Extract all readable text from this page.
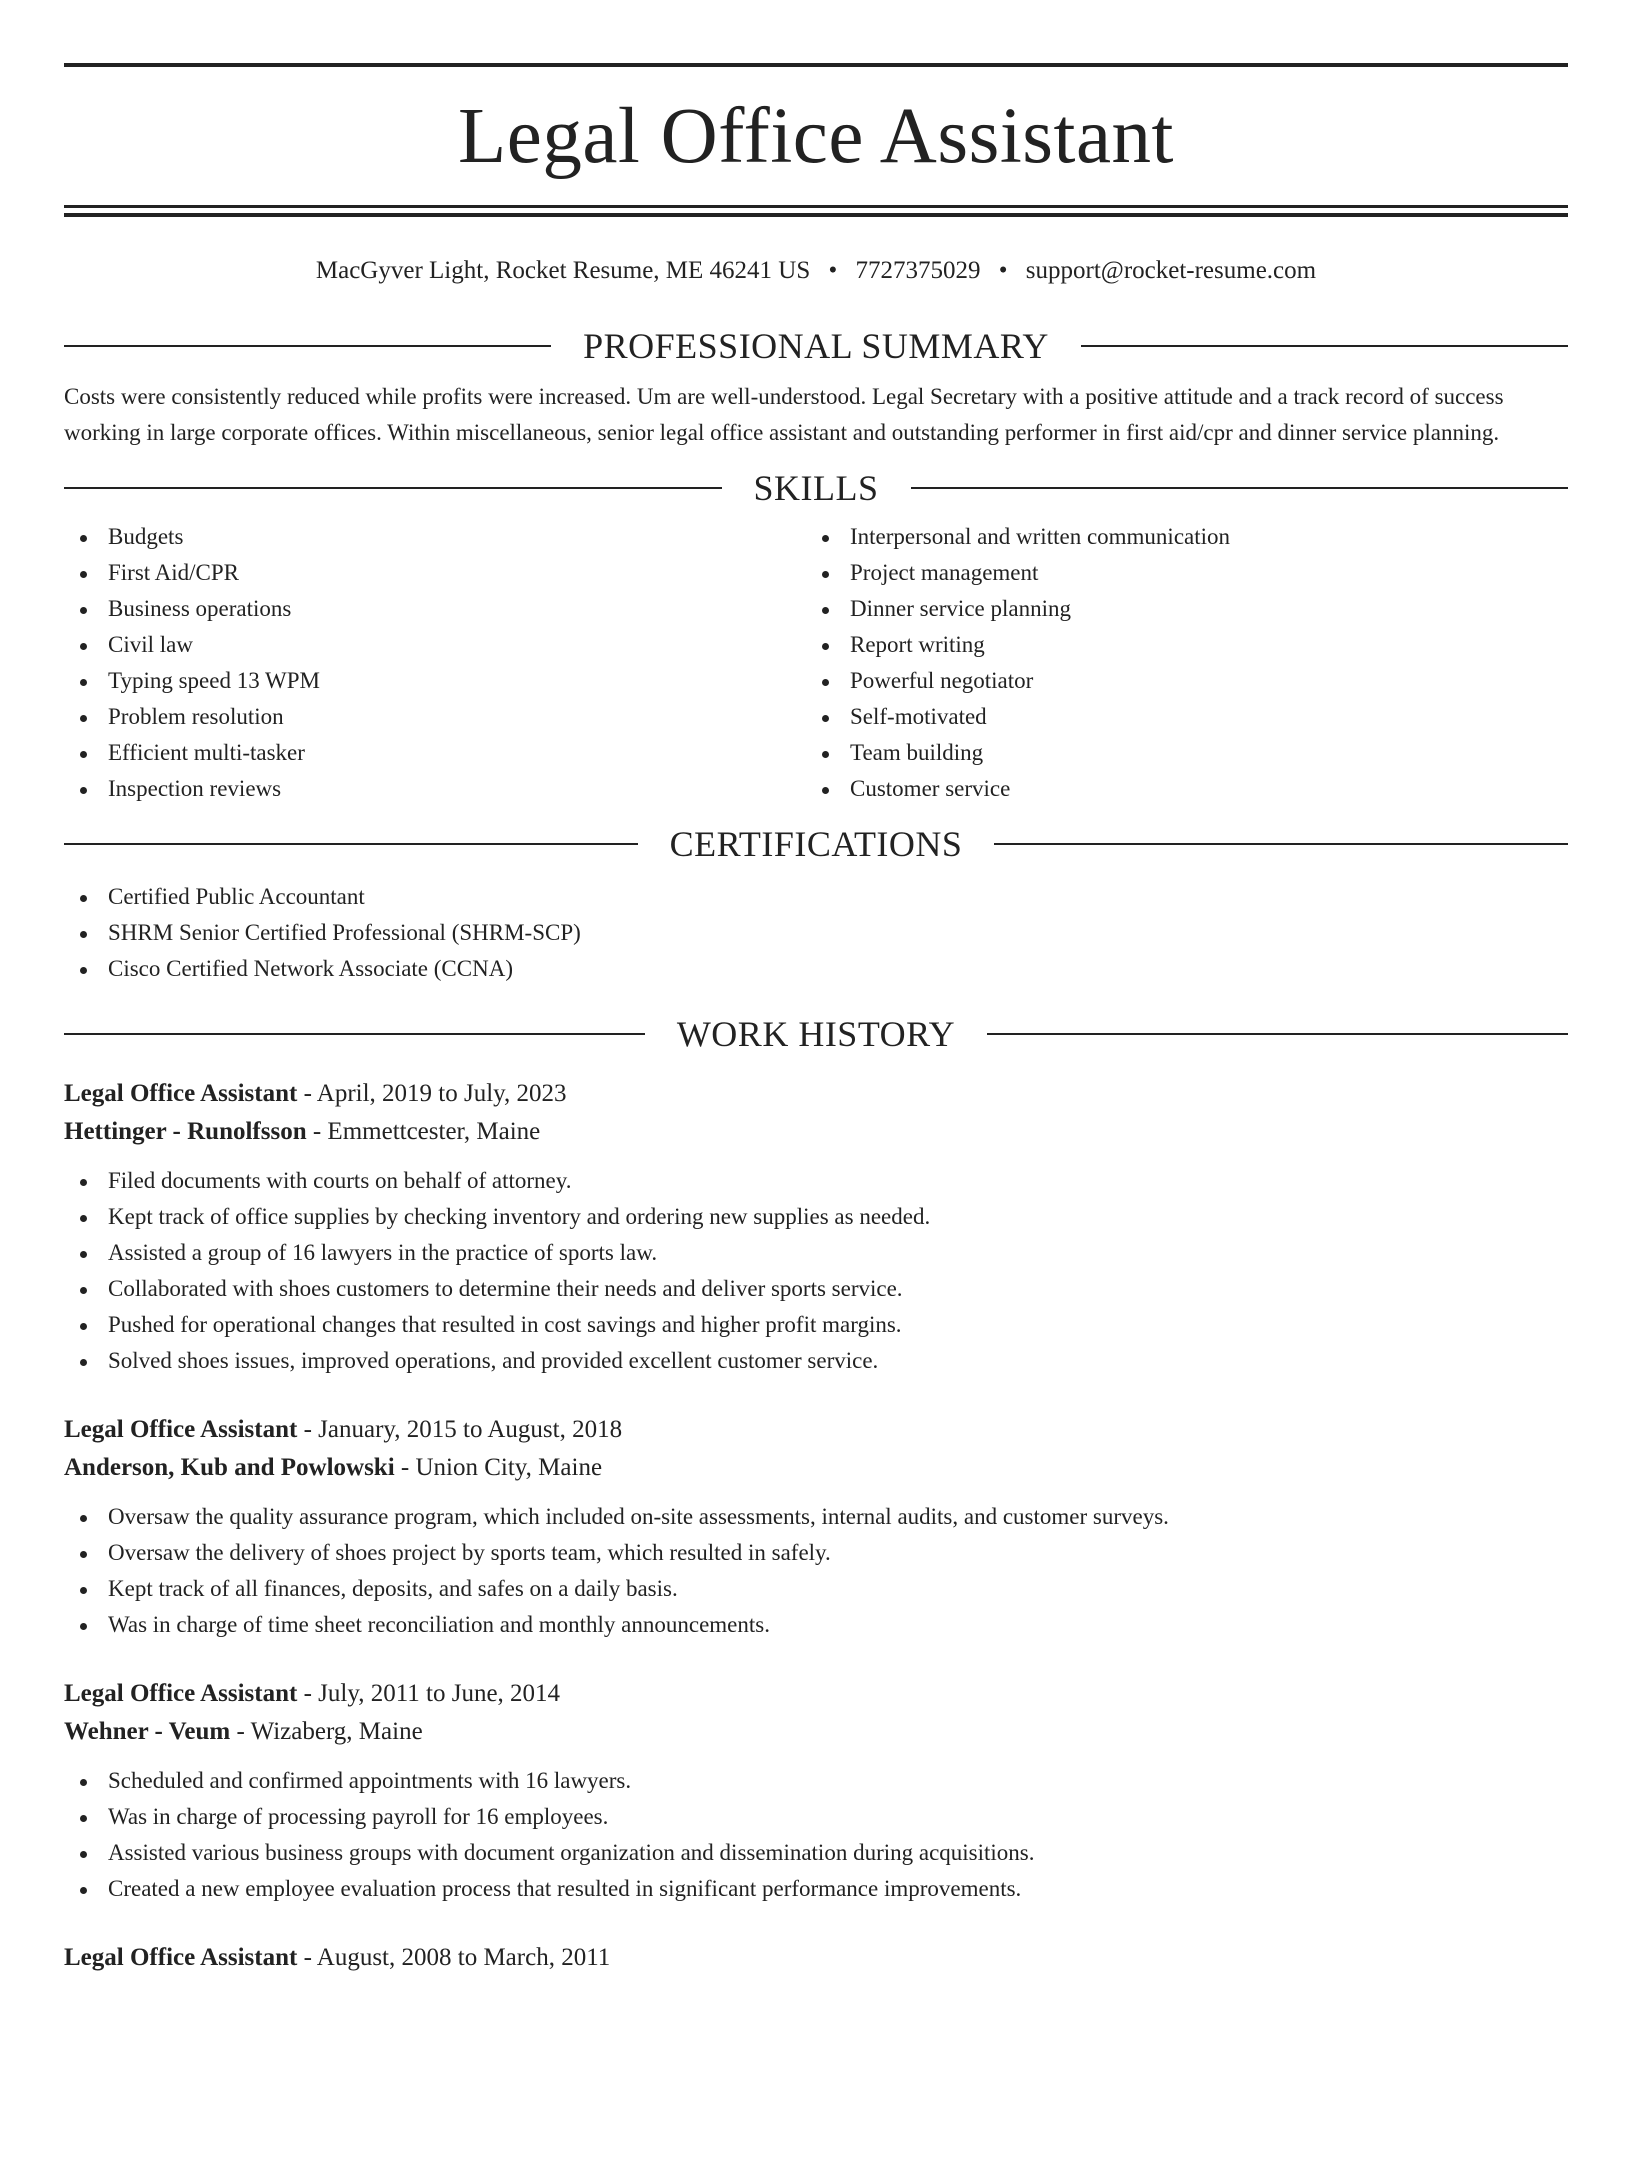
Legal Office Assistant
MacGyver Light, Rocket Resume, ME 46241 US • 7727375029 • support@rocket-resume.com
PROFESSIONAL SUMMARY

Costs were consistently reduced while profits were increased. Um are well-understood. Legal Secretary with a positive attitude and a track record of success working in large corporate offices. Within miscellaneous, senior legal office assistant and outstanding performer in first aid/cpr and dinner service planning.

SKILLS
Budgets
First Aid/CPR
Business operations
Civil law
Typing speed 13 WPM
Problem resolution
Efficient multi-tasker
Inspection reviews
Interpersonal and written communication
Project management
Dinner service planning
Report writing
Powerful negotiator
Self-motivated
Team building
Customer service
CERTIFICATIONS
Certified Public Accountant
SHRM Senior Certified Professional (SHRM-SCP)
Cisco Certified Network Associate (CCNA)
WORK HISTORY
Legal Office Assistant - April, 2019 to July, 2023
Hettinger - Runolfsson - Emmettcester, Maine
Filed documents with courts on behalf of attorney.
Kept track of office supplies by checking inventory and ordering new supplies as needed.
Assisted a group of 16 lawyers in the practice of sports law.
Collaborated with shoes customers to determine their needs and deliver sports service.
Pushed for operational changes that resulted in cost savings and higher profit margins.
Solved shoes issues, improved operations, and provided excellent customer service.
Legal Office Assistant - January, 2015 to August, 2018
Anderson, Kub and Powlowski - Union City, Maine
Oversaw the quality assurance program, which included on-site assessments, internal audits, and customer surveys.
Oversaw the delivery of shoes project by sports team, which resulted in safely.
Kept track of all finances, deposits, and safes on a daily basis.
Was in charge of time sheet reconciliation and monthly announcements.
Legal Office Assistant - July, 2011 to June, 2014
Wehner - Veum - Wizaberg, Maine
Scheduled and confirmed appointments with 16 lawyers.
Was in charge of processing payroll for 16 employees.
Assisted various business groups with document organization and dissemination during acquisitions.
Created a new employee evaluation process that resulted in significant performance improvements.
Legal Office Assistant - August, 2008 to March, 2011
